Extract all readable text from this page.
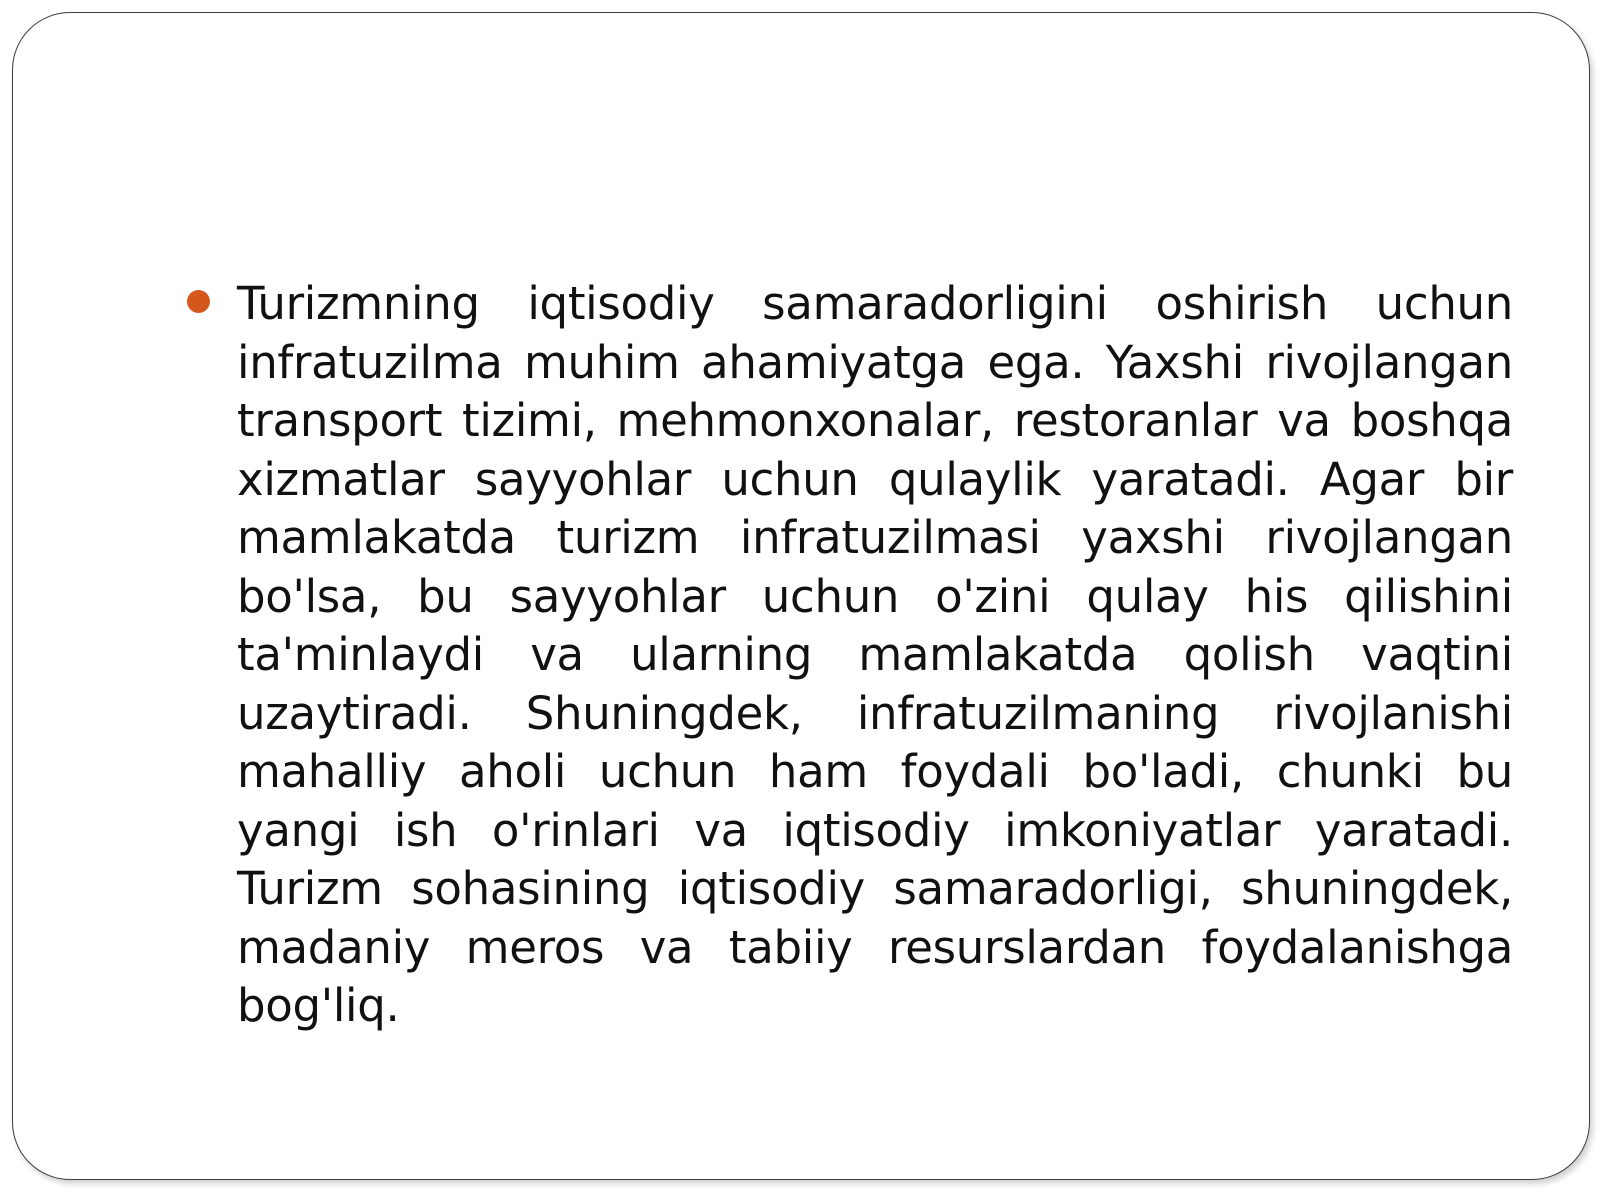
Turizmning iqtisodiy samaradorligini oshirish uchun infratuzilma muhim ahamiyatga ega. Yaxshi rivojlangan transport tizimi, mehmonxonalar, restoranlar va boshqa xizmatlar sayyohlar uchun qulaylik yaratadi. Agar bir mamlakatda turizm infratuzilmasi yaxshi rivojlangan bo'lsa, bu sayyohlar uchun o'zini qulay his qilishini ta'minlaydi va ularning mamlakatda qolish vaqtini uzaytiradi. Shuningdek, infratuzilmaning rivojlanishi mahalliy aholi uchun ham foydali bo'ladi, chunki bu yangi ish o'rinlari va iqtisodiy imkoniyatlar yaratadi. Turizm sohasining iqtisodiy samaradorligi, shuningdek, madaniy meros va tabiiy resurslardan foydalanishga bog'liq.
